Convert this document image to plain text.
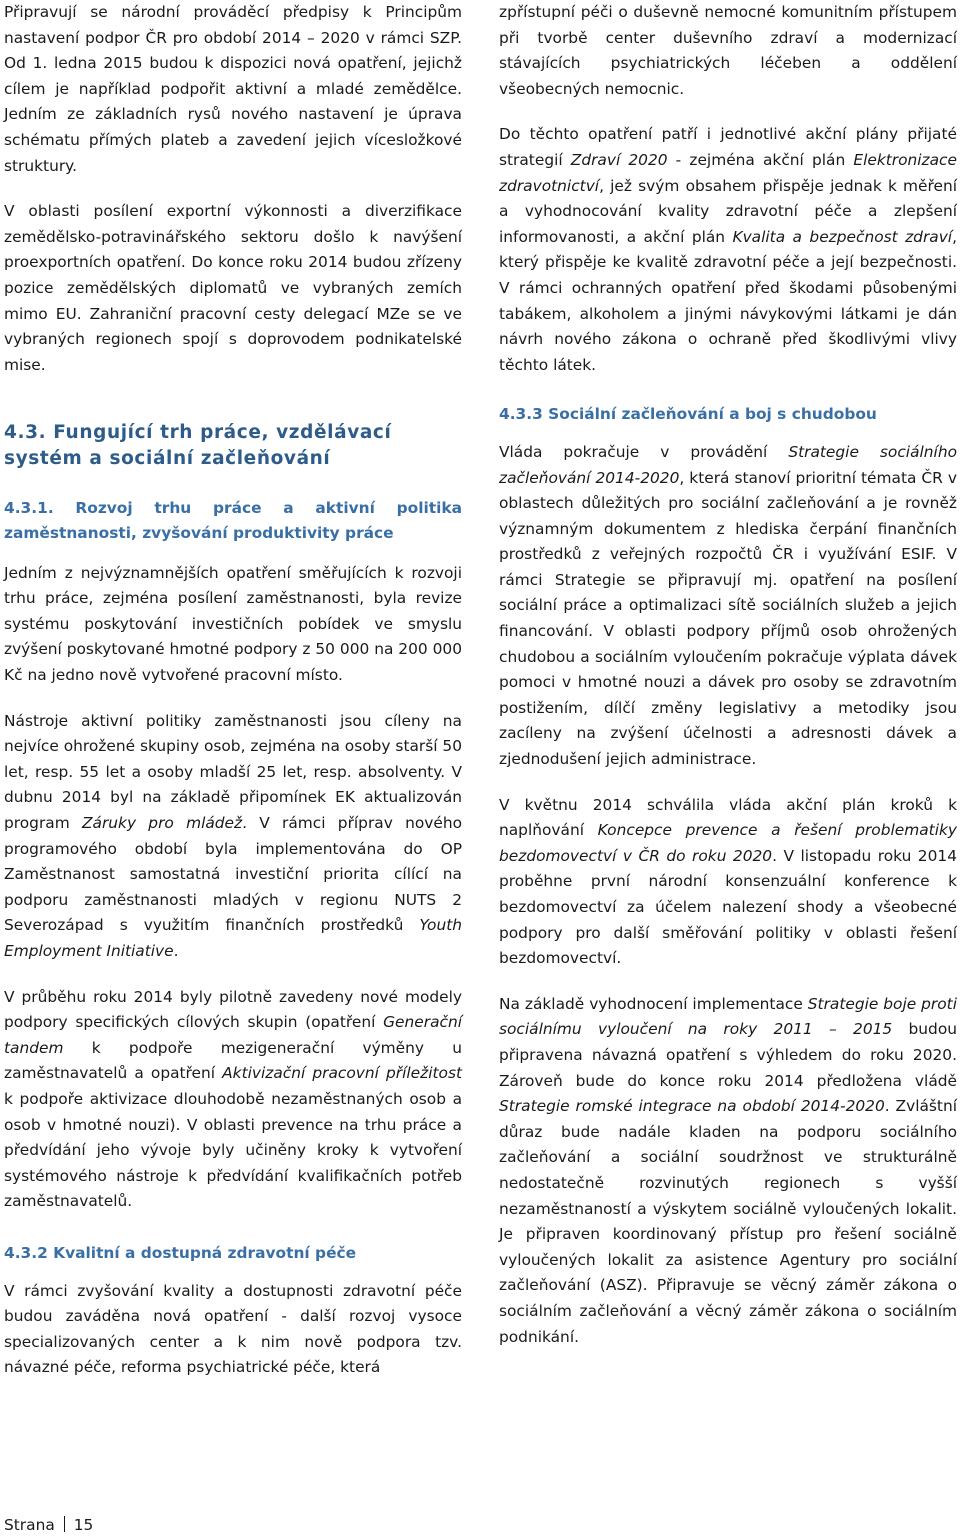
Připravují se národní prováděcí předpisy k Principům nastavení podpor ČR pro období 2014 – 2020 v rámci SZP. Od 1. ledna 2015 budou k dispozici nová opatření, jejichž cílem je například podpořit aktivní a mladé zemědělce. Jedním ze základních rysů nového nastavení je úprava schématu přímých plateb a zavedení jejich vícesložkové struktury.

V oblasti posílení exportní výkonnosti a diverzifikace zemědělsko-potravinářského sektoru došlo k navýšení proexportních opatření. Do konce roku 2014 budou zřízeny pozice zemědělských diplomatů ve vybraných zemích mimo EU. Zahraniční pracovní cesty delegací MZe se ve vybraných regionech spojí s doprovodem podnikatelské mise.

4.3. Fungující trh práce, vzdělávací systém a sociální začleňování
4.3.1. Rozvoj trhu práce a aktivní politika zaměstnanosti, zvyšování produktivity práce

Jedním z nejvýznamnějších opatření směřujících k rozvoji trhu práce, zejména posílení zaměstnanosti, byla revize systému poskytování investičních pobídek ve smyslu zvýšení poskytované hmotné podpory z 50 000 na 200 000 Kč na jedno nově vytvořené pracovní místo.

Nástroje aktivní politiky zaměstnanosti jsou cíleny na nejvíce ohrožené skupiny osob, zejména na osoby starší 50 let, resp. 55 let a osoby mladší 25 let, resp. absolventy. V dubnu 2014 byl na základě připomínek EK aktualizován program Záruky pro mládež. V rámci příprav nového programového období byla implementována do OP Zaměstnanost samostatná investiční priorita cílící na podporu zaměstnanosti mladých v regionu NUTS 2 Severozápad s využitím finančních prostředků Youth Employment Initiative.

V průběhu roku 2014 byly pilotně zavedeny nové modely podpory specifických cílových skupin (opatření Generační tandem k podpoře mezigenerační výměny u zaměstnavatelů a opatření Aktivizační pracovní příležitost k podpoře aktivizace dlouhodobě nezaměstnaných osob a osob v hmotné nouzi). V oblasti prevence na trhu práce a předvídání jeho vývoje byly učiněny kroky k vytvoření systémového nástroje k předvídání kvalifikačních potřeb zaměstnavatelů.

4.3.2 Kvalitní a dostupná zdravotní péče

V rámci zvyšování kvality a dostupnosti zdravotní péče budou zaváděna nová opatření - další rozvoj vysoce specializovaných center a k nim nově podpora tzv. návazné péče, reforma psychiatrické péče, která

zpřístupní péči o duševně nemocné komunitním přístupem při tvorbě center duševního zdraví a modernizací stávajících psychiatrických léčeben a oddělení všeobecných nemocnic.

Do těchto opatření patří i jednotlivé akční plány přijaté strategií Zdraví 2020 - zejména akční plán Elektronizace zdravotnictví, jež svým obsahem přispěje jednak k měření a vyhodnocování kvality zdravotní péče a zlepšení informovanosti, a akční plán Kvalita a bezpečnost zdraví, který přispěje ke kvalitě zdravotní péče a její bezpečnosti. V rámci ochranných opatření před škodami působenými tabákem, alkoholem a jinými návykovými látkami je dán návrh nového zákona o ochraně před škodlivými vlivy těchto látek.

4.3.3 Sociální začleňování a boj s chudobou

Vláda pokračuje v provádění Strategie sociálního začleňování 2014-2020, která stanoví prioritní témata ČR v oblastech důležitých pro sociální začleňování a je rovněž významným dokumentem z hlediska čerpání finančních prostředků z veřejných rozpočtů ČR i využívání ESIF. V rámci Strategie se připravují mj. opatření na posílení sociální práce a optimalizaci sítě sociálních služeb a jejich financování. V oblasti podpory příjmů osob ohrožených chudobou a sociálním vyloučením pokračuje výplata dávek pomoci v hmotné nouzi a dávek pro osoby se zdravotním postižením, dílčí změny legislativy a metodiky jsou zacíleny na zvýšení účelnosti a adresnosti dávek a zjednodušení jejich administrace.

V květnu 2014 schválila vláda akční plán kroků k naplňování Koncepce prevence a řešení problematiky bezdomovectví v ČR do roku 2020. V listopadu roku 2014 proběhne první národní konsenzuální konference k bezdomovectví za účelem nalezení shody a všeobecné podpory pro další směřování politiky v oblasti řešení bezdomovectví.

Na základě vyhodnocení implementace Strategie boje proti sociálnímu vyloučení na roky 2011 – 2015 budou připravena návazná opatření s výhledem do roku 2020. Zároveň bude do konce roku 2014 předložena vládě Strategie romské integrace na období 2014-2020. Zvláštní důraz bude nadále kladen na podporu sociálního začleňování a sociální soudržnost ve strukturálně nedostatečně rozvinutých regionech s vyšší nezaměstnaností a výskytem sociálně vyloučených lokalit. Je připraven koordinovaný přístup pro řešení sociálně vyloučených lokalit za asistence Agentury pro sociální začleňování (ASZ). Připravuje se věcný záměr zákona o sociálním začleňování a věcný záměr zákona o sociálním podnikání.

Strana 15
